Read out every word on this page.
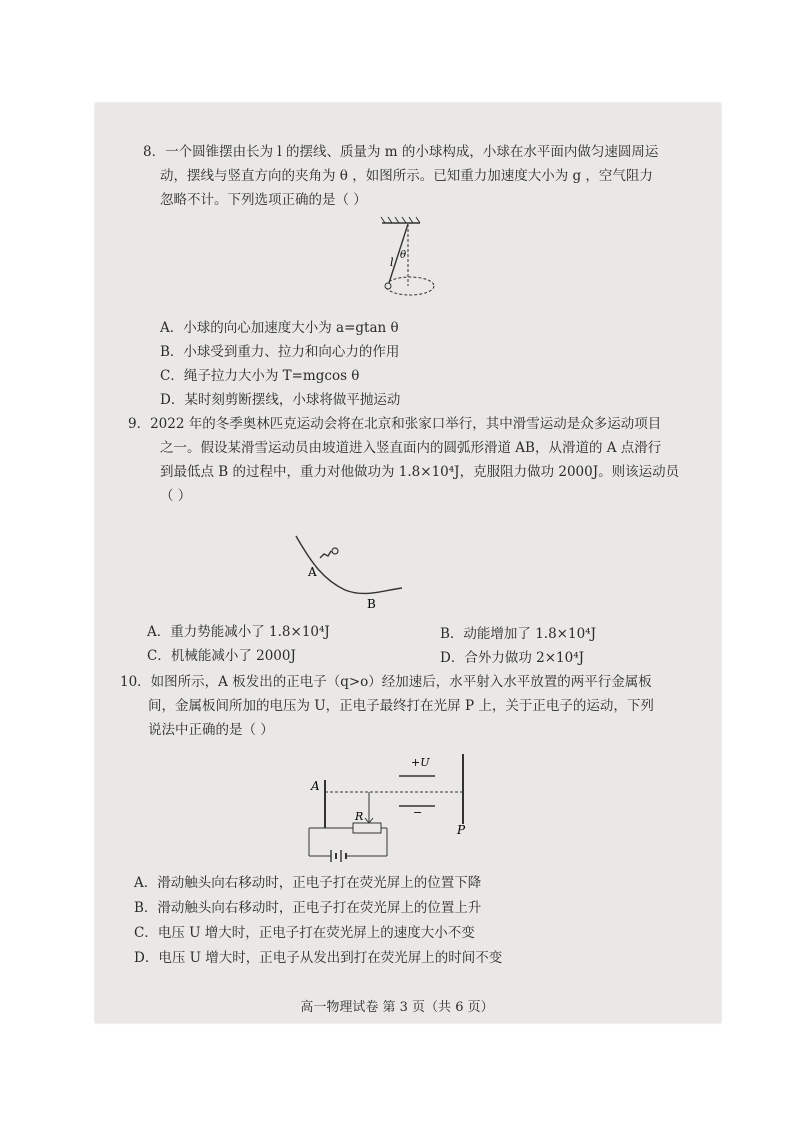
8．一个圆锥摆由长为 l 的摆线、质量为 m 的小球构成，小球在水平面内做匀速圆周运
动，摆线与竖直方向的夹角为 θ ，如图所示。已知重力加速度大小为 g ，空气阻力
忽略不计。下列选项正确的是（ ）
l
θ
A．小球的向心加速度大小为 a=gtan θ
B．小球受到重力、拉力和向心力的作用
C．绳子拉力大小为 T=mgcos θ
D．某时刻剪断摆线，小球将做平抛运动
9．2022 年的冬季奥林匹克运动会将在北京和张家口举行，其中滑雪运动是众多运动项目
之一。假设某滑雪运动员由坡道进入竖直面内的圆弧形滑道 AB，从滑道的 A 点滑行
到最低点 B 的过程中，重力对他做功为 1.8×10⁴J，克服阻力做功 2000J。则该运动员
（ ）
A
B
A．重力势能减小了 1.8×10⁴J	B．动能增加了 1.8×10⁴J
C．机械能减小了 2000J	D．合外力做功 2×10⁴J
10．如图所示，A 板发出的正电子（q>o）经加速后，水平射入水平放置的两平行金属板
间，金属板间所加的电压为 U，正电子最终打在光屏 P 上，关于正电子的运动，下列
说法中正确的是（ ）
A
+U
−
P
R
A．滑动触头向右移动时，正电子打在荧光屏上的位置下降
B．滑动触头向右移动时，正电子打在荧光屏上的位置上升
C．电压 U 增大时，正电子打在荧光屏上的速度大小不变
D．电压 U 增大时，正电子从发出到打在荧光屏上的时间不变
高一物理试卷 第 3 页（共 6 页）
